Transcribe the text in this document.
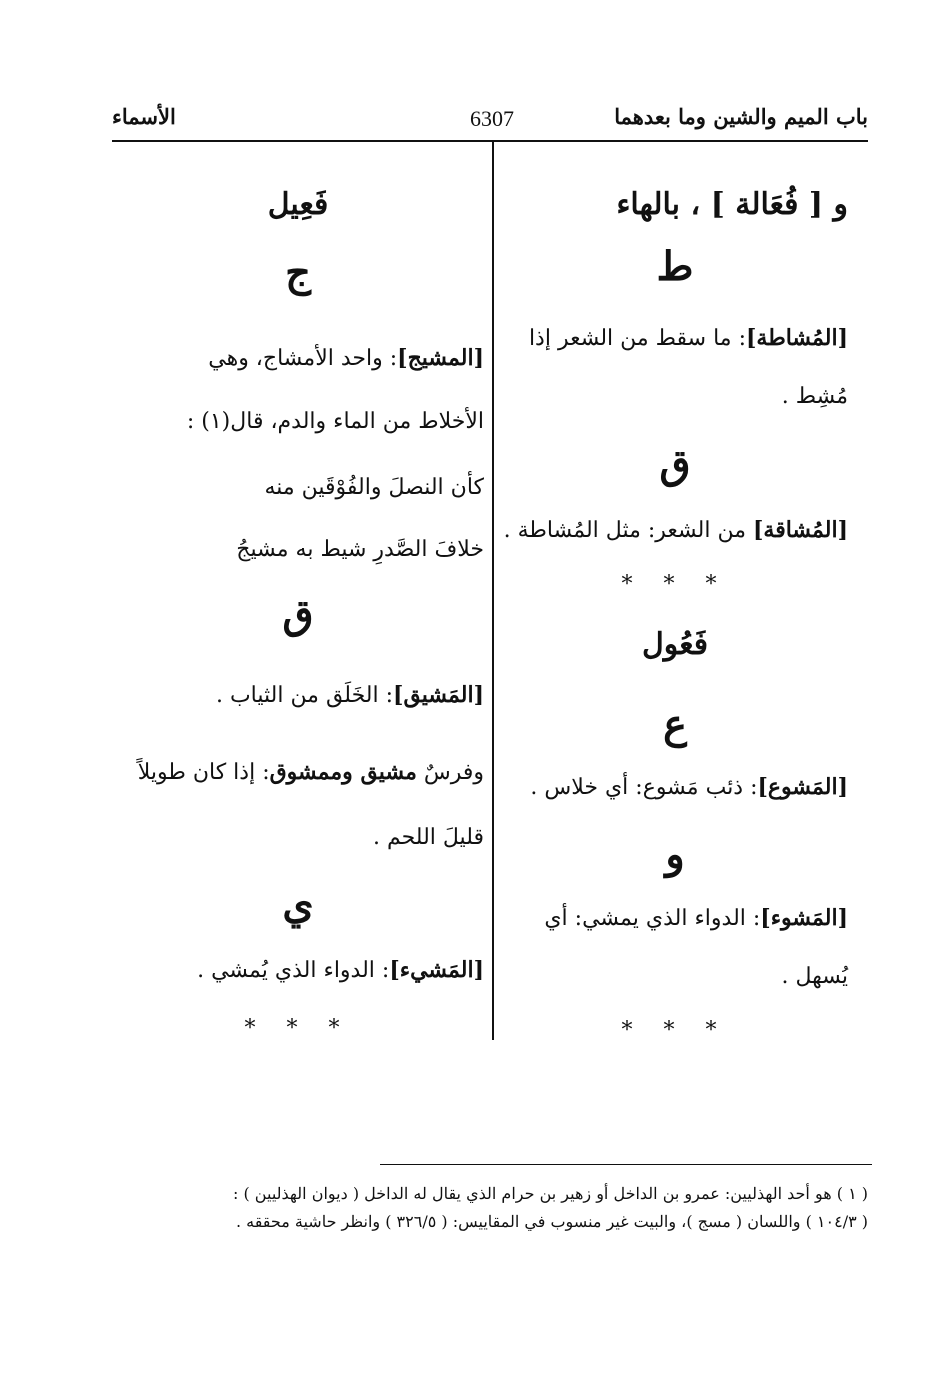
باب الميم والشين وما بعدهما
6307
الأسماء
و [ فُعَالة ] ، بالهاء
ط
[المُشاطة]: ما سقط من الشعر إذا
مُشِط .
ق
[المُشاقة] من الشعر: مثل المُشاطة .
* * *
فَعُول
ع
[المَشوع]: ذئب مَشوع: أي خلاس .
و
[المَشوء]: الدواء الذي يمشي: أي
يُسهل .
* * *
فَعِيل
ج
[المشيج]: واحد الأمشاج، وهي
الأخلاط من الماء والدم، قال(١) :
كأن النصلَ والفُوْقَين منه
خلافَ الصَّدرِ شيط به مشيجُ
ق
[المَشيق]: الخَلَق من الثياب .
وفرسٌ مشيق وممشوق: إذا كان طويلاً
قليلَ اللحم .
ي
[المَشيء]: الدواء الذي يُمشي .
* * *
( ١ ) هو أحد الهذليين: عمرو بن الداخل أو زهير بن حرام الذي يقال له الداخل ( ديوان الهذليين ) :
( ١٠٤/٣ ) واللسان ( مسج )، والبيت غير منسوب في المقاييس: ( ٣٢٦/٥ ) وانظر حاشية محققه .
